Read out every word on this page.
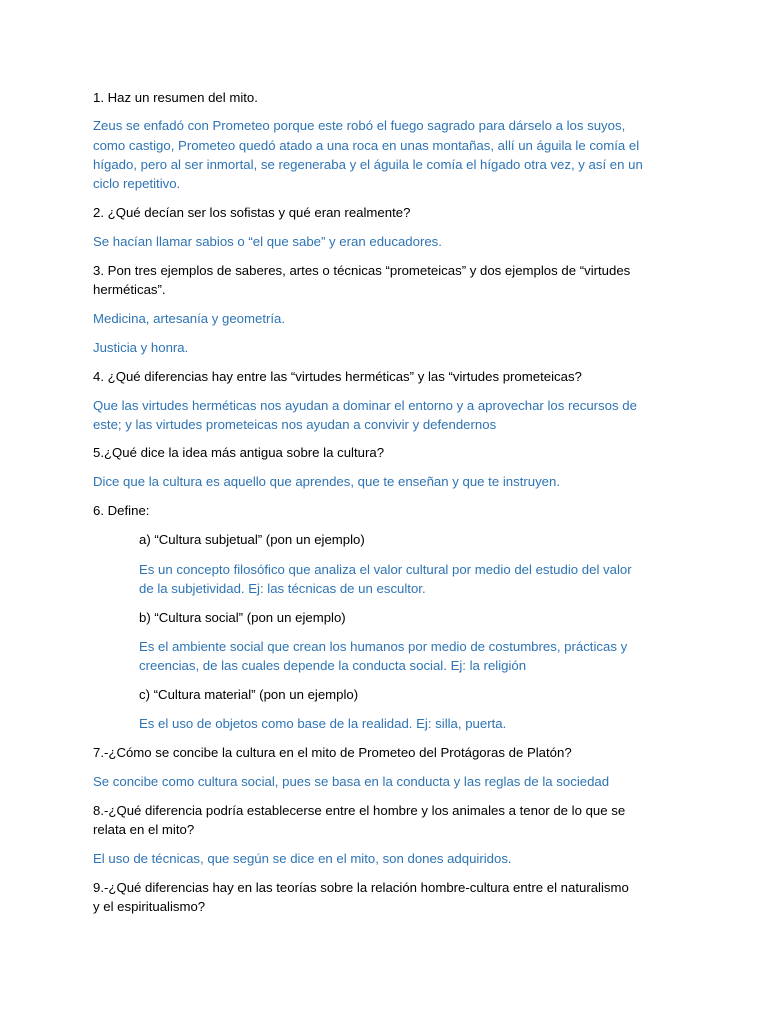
1. Haz un resumen del mito.
Zeus se enfadó con Prometeo porque este robó el fuego sagrado para dárselo a los suyos,
como castigo, Prometeo quedó atado a una roca en unas montañas, allí un águila le comía el
hígado, pero al ser inmortal, se regeneraba y el águila le comía el hígado otra vez, y así en un
ciclo repetitivo.
2. ¿Qué decían ser los sofistas y qué eran realmente?
Se hacían llamar sabios o “el que sabe” y eran educadores.
3. Pon tres ejemplos de saberes, artes o técnicas “prometeicas” y dos ejemplos de “virtudes
herméticas”.
Medicina, artesanía y geometría.
Justicia y honra.
4. ¿Qué diferencias hay entre las “virtudes herméticas” y las “virtudes prometeicas?
Que las virtudes herméticas nos ayudan a dominar el entorno y a aprovechar los recursos de
este; y las virtudes prometeicas nos ayudan a convivir y defendernos
5.¿Qué dice la idea más antigua sobre la cultura?
Dice que la cultura es aquello que aprendes, que te enseñan y que te instruyen.
6. Define:
a) “Cultura subjetual” (pon un ejemplo)
Es un concepto filosófico que analiza el valor cultural por medio del estudio del valor
de la subjetividad. Ej: las técnicas de un escultor.
b) “Cultura social” (pon un ejemplo)
Es el ambiente social que crean los humanos por medio de costumbres, prácticas y
creencias, de las cuales depende la conducta social. Ej: la religión
c) “Cultura material” (pon un ejemplo)
Es el uso de objetos como base de la realidad. Ej: silla, puerta.
7.-¿Cómo se concibe la cultura en el mito de Prometeo del Protágoras de Platón?
Se concibe como cultura social, pues se basa en la conducta y las reglas de la sociedad
8.-¿Qué diferencia podría establecerse entre el hombre y los animales a tenor de lo que se
relata en el mito?
El uso de técnicas, que según se dice en el mito, son dones adquiridos.
9.-¿Qué diferencias hay en las teorías sobre la relación hombre-cultura entre el naturalismo
y el espiritualismo?
